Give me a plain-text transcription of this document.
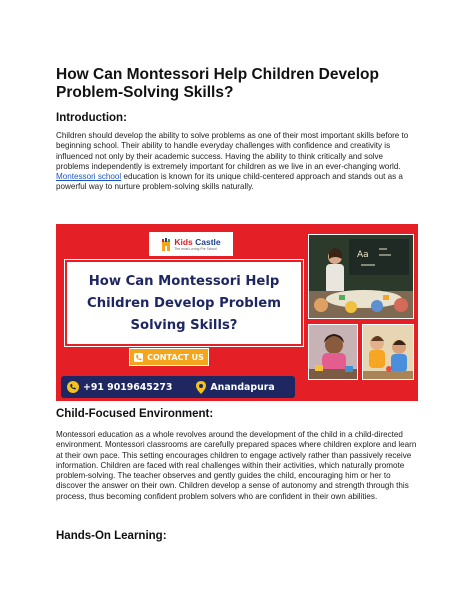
How Can Montessori Help Children Develop Problem-Solving Skills?
Introduction:

Children should develop the ability to solve problems as one of their most important skills before to beginning school. Their ability to handle everyday challenges with confidence and creativity is influenced not only by their academic success. Having the ability to think critically and solve problems independently is extremely important for children as we live in an ever-changing world. Montessori school education is known for its unique child-centered approach and stands out as a powerful way to nurture problem-solving skills naturally.

Kids Castle
The most Loving Pre School
How Can Montessori Help
Children Develop Problem
Solving Skills?
CONTACT US
+91 9019645273	Anandapura
Aa
Child-Focused Environment:

Montessori education as a whole revolves around the development of the child in a child-directed environment. Montessori classrooms are carefully prepared spaces where children explore and learn at their own pace. This setting encourages children to engage actively rather than passively receive information. Children are faced with real challenges within their activities, which naturally promote problem-solving. The teacher observes and gently guides the child, encouraging him or her to discover the answer on their own. Children develop a sense of autonomy and strength through this process, thus becoming confident problem solvers who are confident in their own abilities.

Hands-On Learning:
